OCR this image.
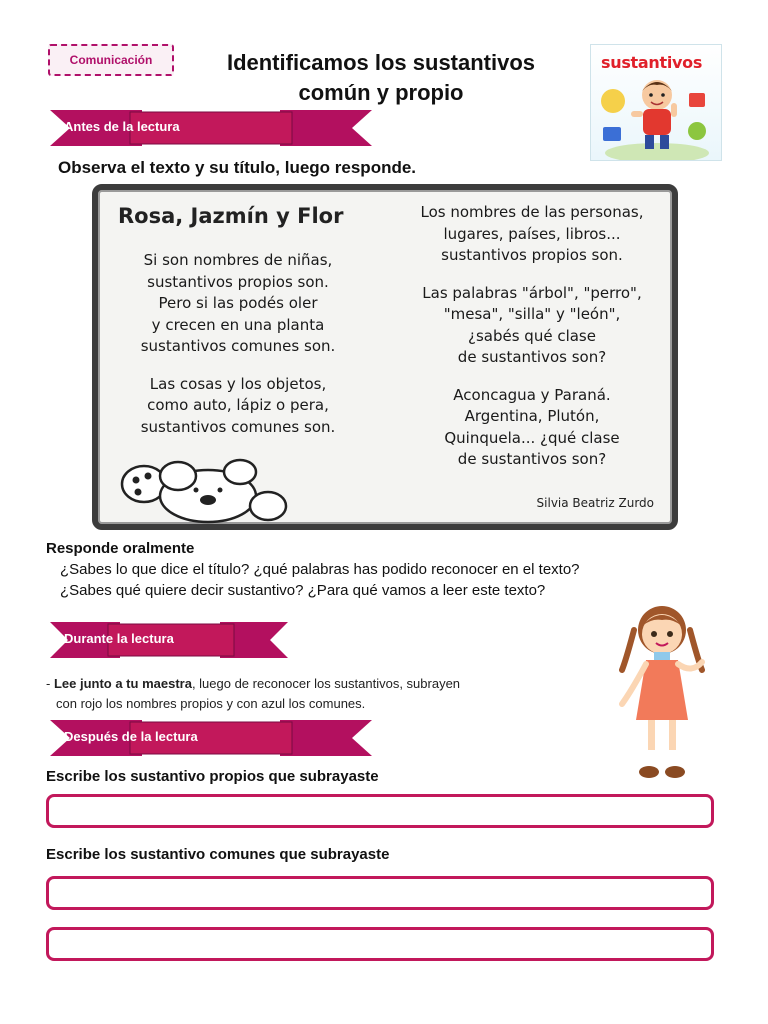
Comunicación	Identificamos los sustantivos
común y propio
sustantivos
Antes de la lectura
Observa el texto y su título, luego responde.
Rosa, Jazmín y Flor

Si son nombres de niñas,
sustantivos propios son.
Pero si las podés oler
y crecen en una planta
sustantivos comunes son.

Las cosas y los objetos,
como auto, lápiz o pera,
sustantivos comunes son.

Los nombres de las personas,
lugares, países, libros...
sustantivos propios son.

Las palabras "árbol", "perro",
"mesa", "silla" y "león",
¿sabés qué clase
de sustantivos son?

Aconcagua y Paraná.
Argentina, Plutón,
Quinquela... ¿qué clase
de sustantivos son?

Silvia Beatriz Zurdo
Responde oralmente
¿Sabes lo que dice el título? ¿qué palabras has podido reconocer en el texto?
¿Sabes qué quiere decir sustantivo? ¿Para qué vamos a leer este texto?
Durante la lectura
- Lee junto a tu maestra, luego de reconocer los sustantivos, subrayen
con rojo los nombres propios y con azul los comunes.
Después de la lectura
Escribe los sustantivo propios que subrayaste
Escribe los sustantivo comunes que subrayaste
